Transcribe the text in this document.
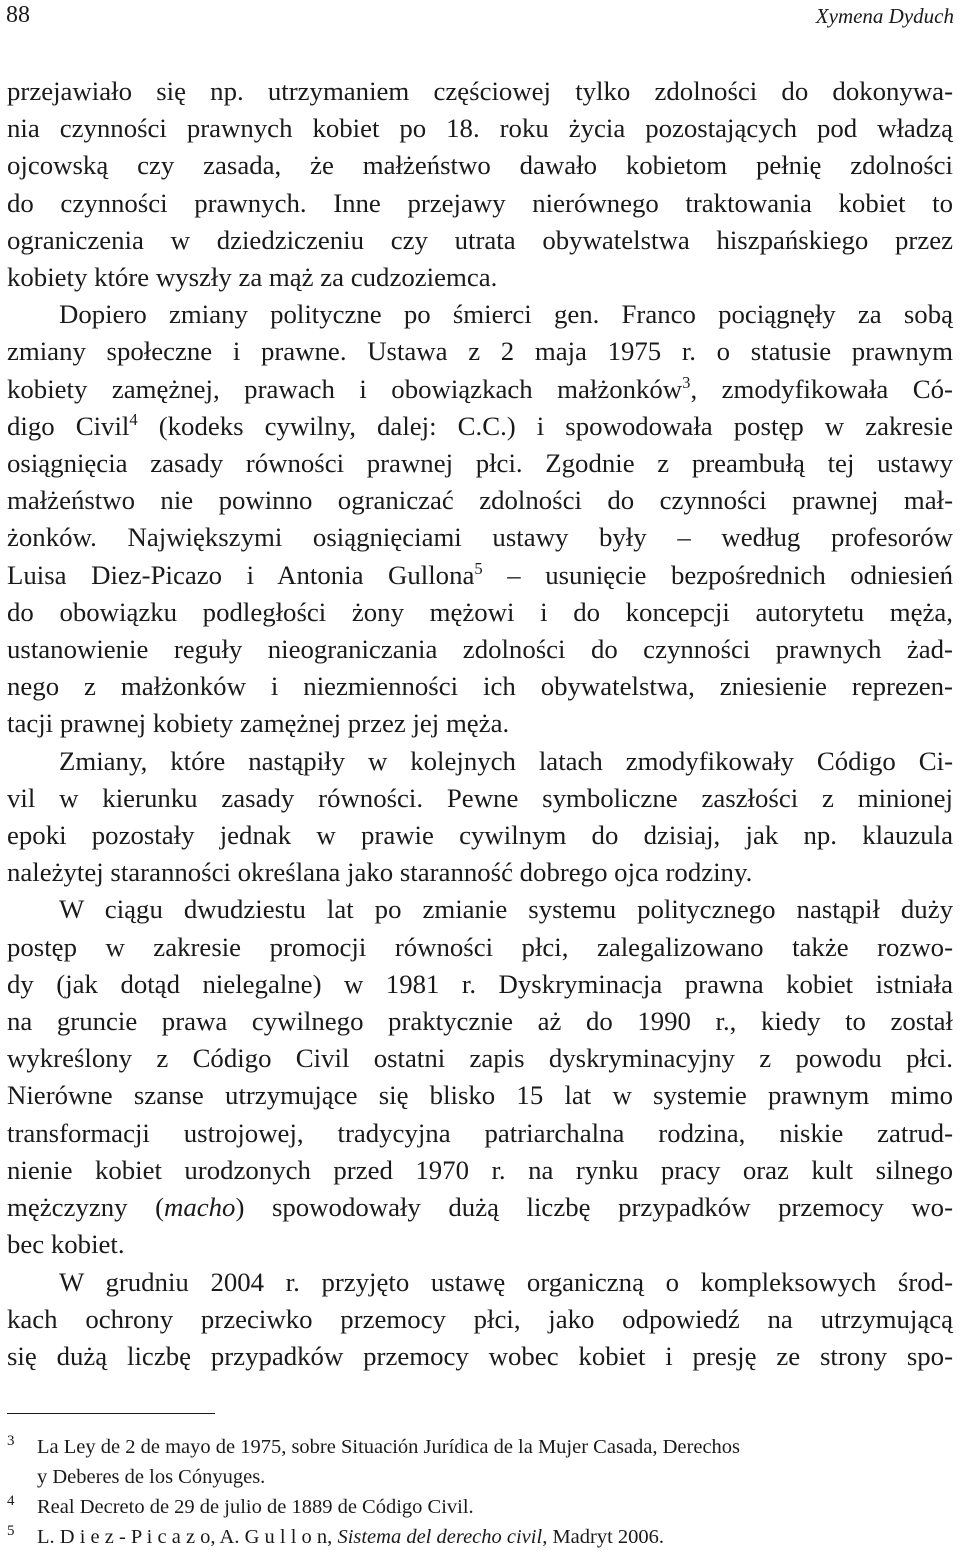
88	Xymena Dyduch
przejawiało się np. utrzymaniem częściowej tylko zdolności do dokonywa-
nia czynności prawnych kobiet po 18. roku życia pozostających pod władzą
ojcowską czy zasada, że małżeństwo dawało kobietom pełnię zdolności
do czynności prawnych. Inne przejawy nierównego traktowania kobiet to
ograniczenia w dziedziczeniu czy utrata obywatelstwa hiszpańskiego przez
kobiety które wyszły za mąż za cudzoziemca.
Dopiero zmiany polityczne po śmierci gen. Franco pociągnęły za sobą
zmiany społeczne i prawne. Ustawa z 2 maja 1975 r. o statusie prawnym
kobiety zamężnej, prawach i obowiązkach małżonków$^3$, zmodyfikowała Có-
digo Civil$^4$ (kodeks cywilny, dalej: C.C.) i spowodowała postęp w zakresie
osiągnięcia zasady równości prawnej płci. Zgodnie z preambułą tej ustawy
małżeństwo nie powinno ograniczać zdolności do czynności prawnej mał-
żonków. Największymi osiągnięciami ustawy były – według profesorów
Luisa Diez-Picazo i Antonia Gullona$^5$ – usunięcie bezpośrednich odniesień
do obowiązku podległości żony mężowi i do koncepcji autorytetu męża,
ustanowienie reguły nieograniczania zdolności do czynności prawnych żad-
nego z małżonków i niezmienności ich obywatelstwa, zniesienie reprezen-
tacji prawnej kobiety zamężnej przez jej męża.
Zmiany, które nastąpiły w kolejnych latach zmodyfikowały Código Ci-
vil w kierunku zasady równości. Pewne symboliczne zaszłości z minionej
epoki pozostały jednak w prawie cywilnym do dzisiaj, jak np. klauzula
należytej staranności określana jako staranność dobrego ojca rodziny.
W ciągu dwudziestu lat po zmianie systemu politycznego nastąpił duży
postęp w zakresie promocji równości płci, zalegalizowano także rozwo-
dy (jak dotąd nielegalne) w 1981 r. Dyskryminacja prawna kobiet istniała
na gruncie prawa cywilnego praktycznie aż do 1990 r., kiedy to został
wykreślony z Código Civil ostatni zapis dyskryminacyjny z powodu płci.
Nierówne szanse utrzymujące się blisko 15 lat w systemie prawnym mimo
transformacji ustrojowej, tradycyjna patriarchalna rodzina, niskie zatrud-
nienie kobiet urodzonych przed 1970 r. na rynku pracy oraz kult silnego
mężczyzny (macho) spowodowały dużą liczbę przypadków przemocy wo-
bec kobiet.
W grudniu 2004 r. przyjęto ustawę organiczną o kompleksowych środ-
kach ochrony przeciwko przemocy płci, jako odpowiedź na utrzymującą
się dużą liczbę przypadków przemocy wobec kobiet i presję ze strony spo-
3 La Ley de 2 de mayo de 1975, sobre Situación Jurídica de la Mujer Casada, Derechos
y Deberes de los Cónyuges.
4 Real Decreto de 29 de julio de 1889 de Código Civil.
5 L. D i e z - P i c a z o, A. G u l l o n, Sistema del derecho civil, Madryt 2006.
